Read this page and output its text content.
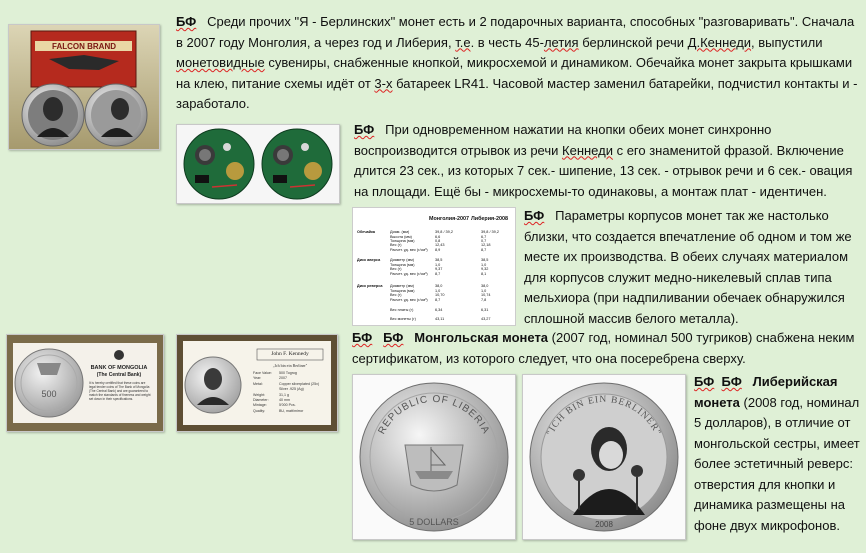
БФ Среди прочих "Я - Берлинских" монет есть и 2 подарочных варианта, способных "разговаривать". Сначала
в 2007 году Монголия, а через год и Либерия, т.е. в честь 45-летия берлинской речи Д.Кеннеди, выпустили
монетовидные сувениры, снабженные кнопкой, микросхемой и динамиком. Обечайка монет закрыта крышками
на клею, питание схемы идёт от 3-х батареек LR41. Часовой мастер заменил батарейки, подчистил контакты и -
заработало.
FALCON BRAND
БФ При одновременном нажатии на кнопки обеих монет синхронно
воспроизводится отрывок из речи Кеннеди с его знаменитой фразой. Включение
длится 23 сек., из которых 7 сек.- шипение, 13 сек. - отрывок речи и 6 сек.- овация
на площади. Ещё бы - микросхемы-то одинаковы, а монтаж плат - идентичен.
Монголия-2007 Либерия-2008
Обечайка	Диам. (мм)	39,8 / 39,2	39,8 / 39,2
Высота (мм)	6,6	6,7
Толщина (мм)	0,8	0,7
Вес (г)	12,43	12,18
Расчет. уд. вес (г/см³) 8,9	8,7
Диск аверса	Диаметр (мм)	38,5	38,5
Толщина (мм)	1,0	1,0
Вес (г)	9,37	9,32
Расчет. уд. вес (г/см³) 8,7	8,1
Диск реверса Диаметр (мм)	38,0	38,0
Толщина (мм)	1,0	1,0
Вес (г)	10,70	10,74
Расчет. уд. вес (г/см³) 8,7	7,8
Вес платы (г)	6,34	6,31
Вес монеты (г)	43,11	43,27
БФ Параметры корпусов монет так же настолько
близки, что создается впечатление об одном и том же
месте их производства. В обеих случаях материалом
для корпусов служит медно-никелевый сплав типа
мельхиора (при надпиливании обечаек обнаружился
сплошной массив белого металла).
500
BANK OF MONGOLIA
(The Central Bank)
It is hereby certified that these coins are legal tender coins of The Bank of Mongolia (The Central Bank) and are guaranteed to match the standards of fineness and weight set down in their specifications.
John F. Kennedy
„Ich bin ein Berliner"
Face Value: 500 Togrog
Year:	2007
Metal:	Copper silverplated (25x)
Silver .925 (Ag)
Weight:	31,1 g
Diameter:	40 mm
Mintage:	5'000 Pcs.
Quality:	BU, matt/mirror
БФ БФ Монгольская монета (2007 год, номинал 500 тугриков) снабжена неким
сертификатом, из которого следует, что она посеребрена сверху.
REPUBLIC OF LIBERIA
5 DOLLARS
"ICH BIN EIN BERLINER"
2008
БФ БФ Либерийская
монета (2008 год, номинал
5 долларов), в отличие от
монгольской сестры, имеет
более эстетичный реверс:
отверстия для кнопки и
динамика размещены на
фоне двух микрофонов.
